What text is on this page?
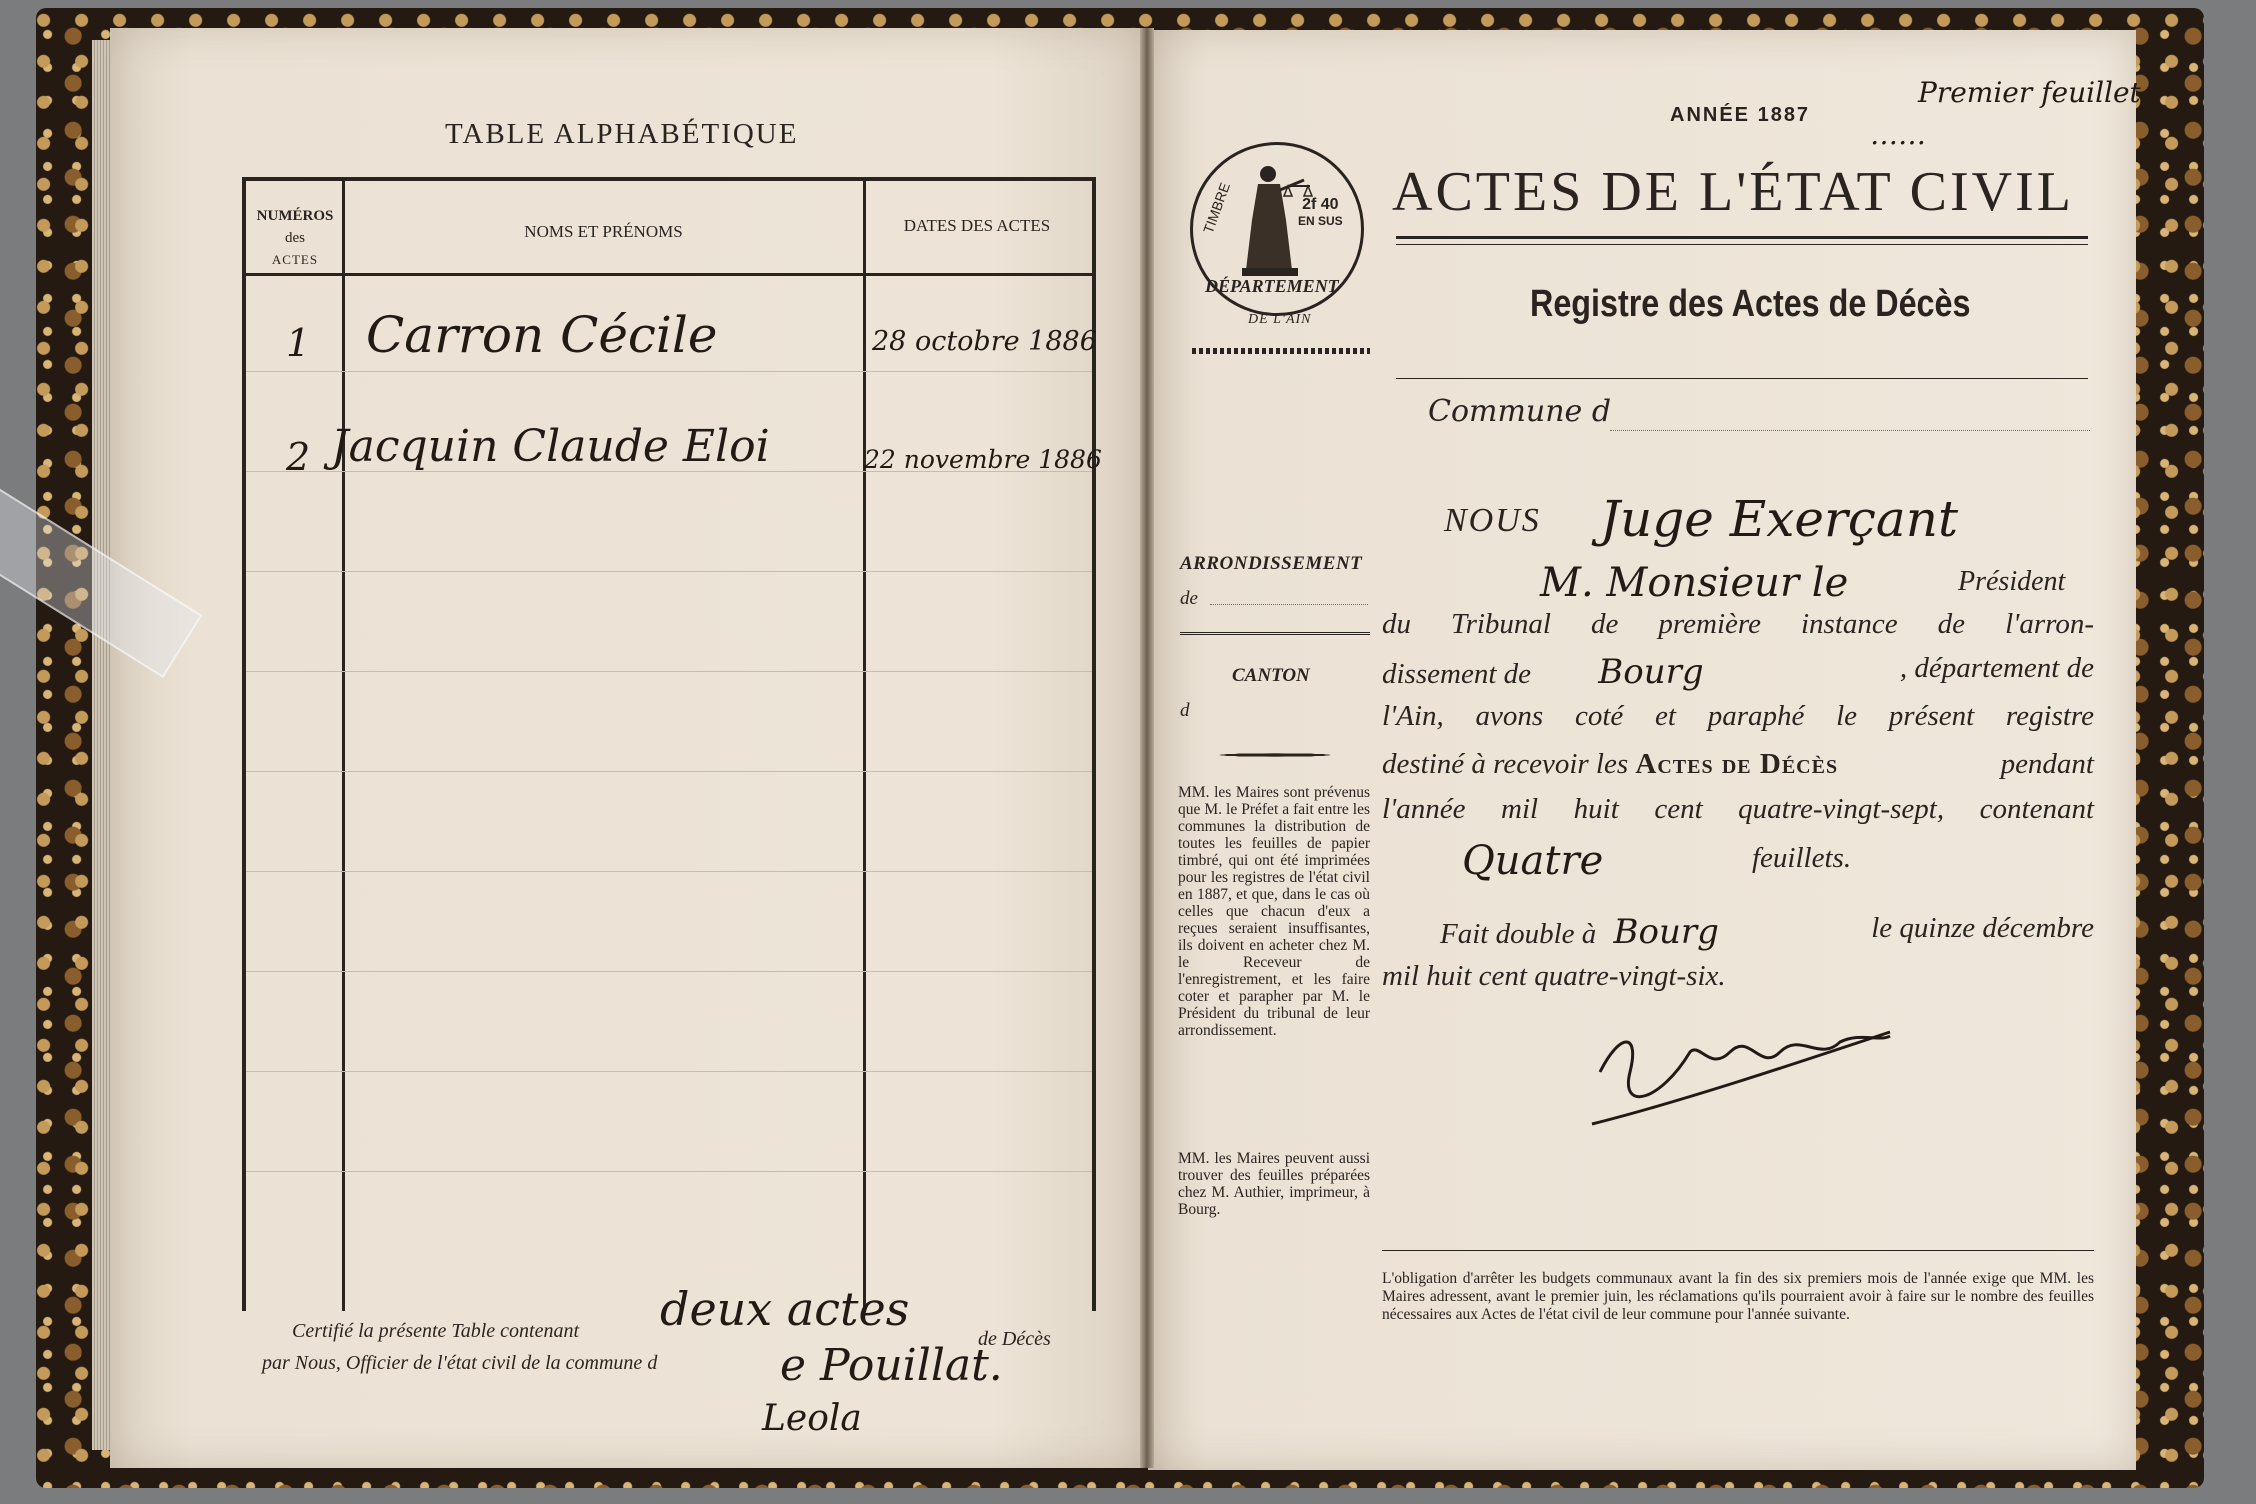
TABLE ALPHABÉTIQUE
NUMÉROS
des
ACTES
NOMS ET PRÉNOMS	DATES DES ACTES
1 Carron Cécile	28 octobre 1886
2 Jacquin Claude Eloi	22 novembre 1886
Certifié la présente Table contenant deux actes
de Décès
par Nous, Officier de l'état civil de la commune d	e Pouillat.
Leola
Premier feuillet
……
ANNÉE 1887
TIMBRE	2f 40
EN SUS
DÉPARTEMENT
DE L'AIN
ACTES DE L'ÉTAT CIVIL
Registre des Actes de Décès
Commune d
ARRONDISSEMENT
de
CANTON
d
MM. les Maires sont prévenus que M. le Préfet a fait entre les communes la distribution de toutes les feuilles de papier timbré, qui ont été imprimées pour les registres de l'état civil en 1887, et que, dans le cas où celles que chacun d'eux a reçues seraient insuffisantes, ils doivent en acheter chez M. le Receveur de l'enregistrement, et les faire coter et parapher par M. le Président du tribunal de leur arrondissement.
MM. les Maires peuvent aussi trouver des feuilles préparées chez M. Authier, imprimeur, à Bourg.
NOUS Juge Exerçant
M. Monsieur le	Président
du Tribunal de première instance de l'arron-
dissement de Bourg	, département de
l'Ain, avons coté et paraphé le présent registre
destiné à recevoir les Actes de Décès	pendant
l'année mil huit cent quatre-vingt-sept, contenant
Quatre	feuillets.
Fait double à Bourg	le quinze décembre
mil huit cent quatre-vingt-six.
L'obligation d'arrêter les budgets communaux avant la fin des six premiers mois de l'année exige que MM. les Maires adressent, avant le premier juin, les réclamations qu'ils pourraient avoir à faire sur le nombre des feuilles nécessaires aux Actes de l'état civil de leur commune pour l'année suivante.
